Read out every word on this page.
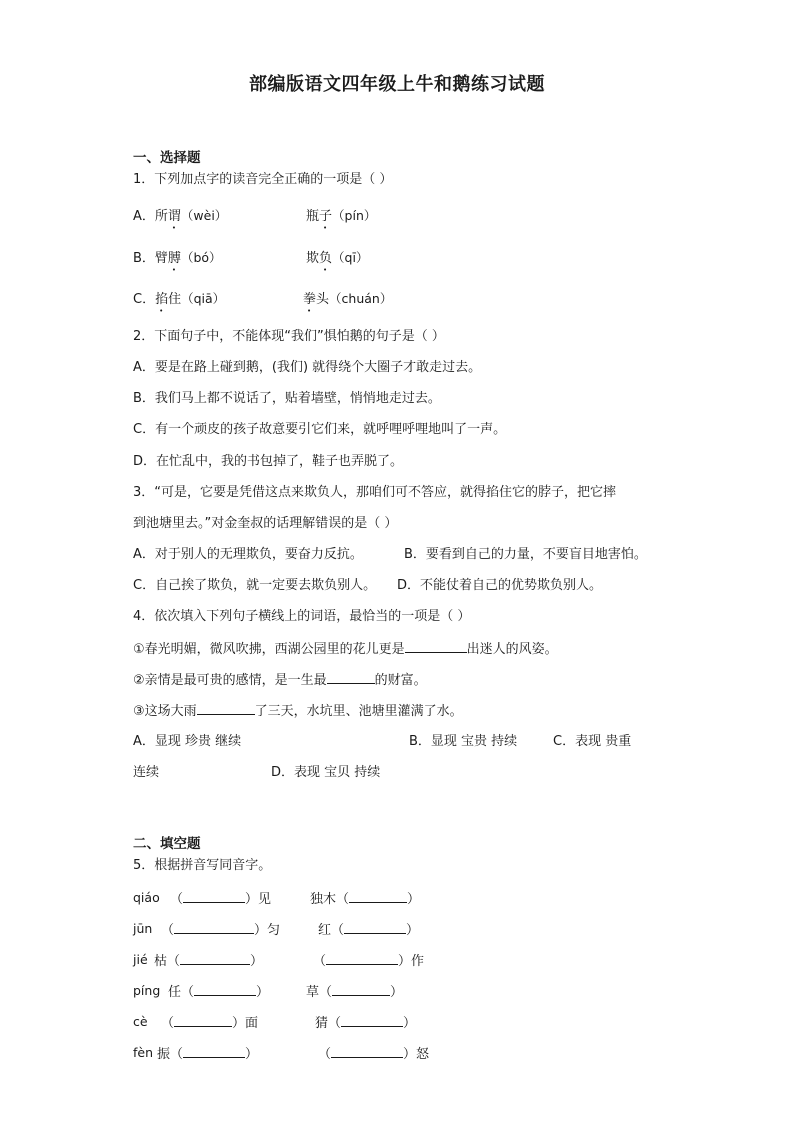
部编版语文四年级上牛和鹅练习试题
一、选择题
1．下列加点字的读音完全正确的一项是（ ）
A．所谓（wèi）	瓶子（pín）
B．臂膊（bó）	欺负（qī）
C．掐住（qiā）	拳头（chuán）
2．下面句子中，不能体现“我们”惧怕鹅的句子是（ ）
A．要是在路上碰到鹅，(我们) 就得绕个大圈子才敢走过去。
B．我们马上都不说话了，贴着墙壁，悄悄地走过去。
C．有一个顽皮的孩子故意要引它们来，就呼哩呼哩地叫了一声。
D．在忙乱中，我的书包掉了，鞋子也弄脱了。
3．“可是，它要是凭借这点来欺负人，那咱们可不答应，就得掐住它的脖子，把它摔
到池塘里去。”对金奎叔的话理解错误的是（ ）
A．对于别人的无理欺负，要奋力反抗。	B．要看到自己的力量，不要盲目地害怕。
C．自己挨了欺负，就一定要去欺负别人。 D．不能仗着自己的优势欺负别人。
4．依次填入下列句子横线上的词语，最恰当的一项是（ ）
①春光明媚，微风吹拂，西湖公园里的花儿更是	出迷人的风姿。
②亲情是最可贵的感情，是一生最	的财富。
③这场大雨	了三天，水坑里、池塘里灌满了水。
A．显现 珍贵 继续	B．显现 宝贵 持续	C．表现 贵重
连续	D．表现 宝贝 持续
二、填空题
5．根据拼音写同音字。
qiáo （	）见	独木（	）
jūn （	）匀	红（	）
jié 枯（	）	（	）作
píng 任（	）	草（	）
cè （	）面	猜（	）
fèn 振（	）	（	）怒
